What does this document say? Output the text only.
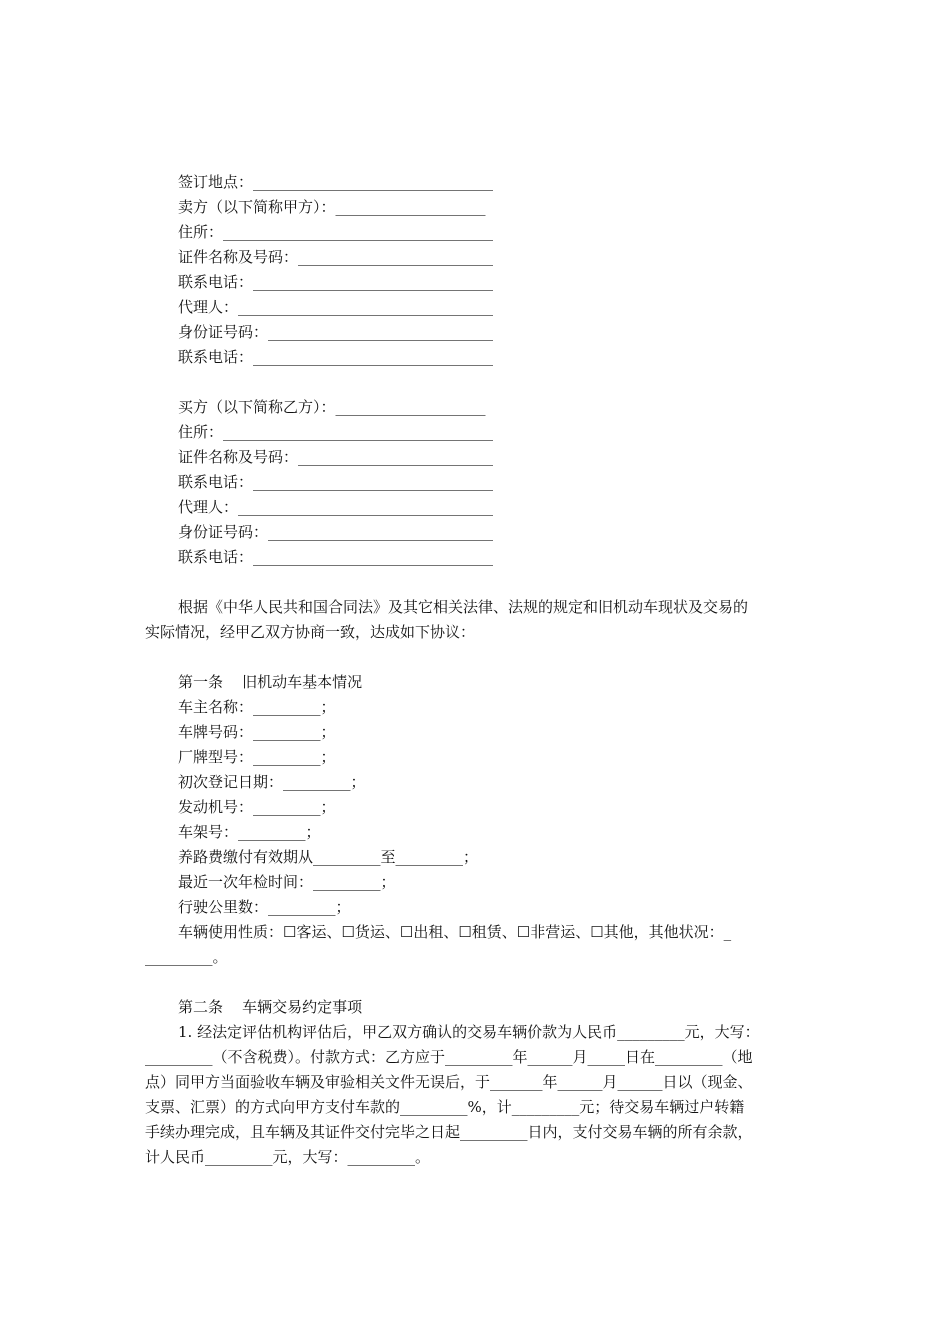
签订地点：________________________________
卖方（以下简称甲方）：____________________
住所：____________________________________
证件名称及号码：__________________________
联系电话：________________________________
代理人：__________________________________
身份证号码：______________________________
联系电话：________________________________
买方（以下简称乙方）：____________________
住所：____________________________________
证件名称及号码：__________________________
联系电话：________________________________
代理人：__________________________________
身份证号码：______________________________
联系电话：________________________________
根据《中华人民共和国合同法》及其它相关法律、法规的规定和旧机动车现状及交易的
实际情况，经甲乙双方协商一致，达成如下协议：
第一条    旧机动车基本情况
车主名称：_________；
车牌号码：_________；
厂牌型号：_________；
初次登记日期：_________；
发动机号：_________；
车架号：_________；
养路费缴付有效期从_________至_________；
最近一次年检时间：_________；
行驶公里数：_________；
车辆使用性质：☐客运、☐货运、☐出租、☐租赁、☐非营运、☐其他，其他状况：_
_________。
第二条    车辆交易约定事项
1. 经法定评估机构评估后，甲乙双方确认的交易车辆价款为人民币_________元，大写：
_________（不含税费）。付款方式：乙方应于_________年______月_____日在_________（地
点）同甲方当面验收车辆及审验相关文件无误后，于_______年______月______日以（现金、
支票、汇票）的方式向甲方支付车款的_________%，计_________元；待交易车辆过户转籍
手续办理完成，且车辆及其证件交付完毕之日起_________日内，支付交易车辆的所有余款，
计人民币_________元，大写：_________。
